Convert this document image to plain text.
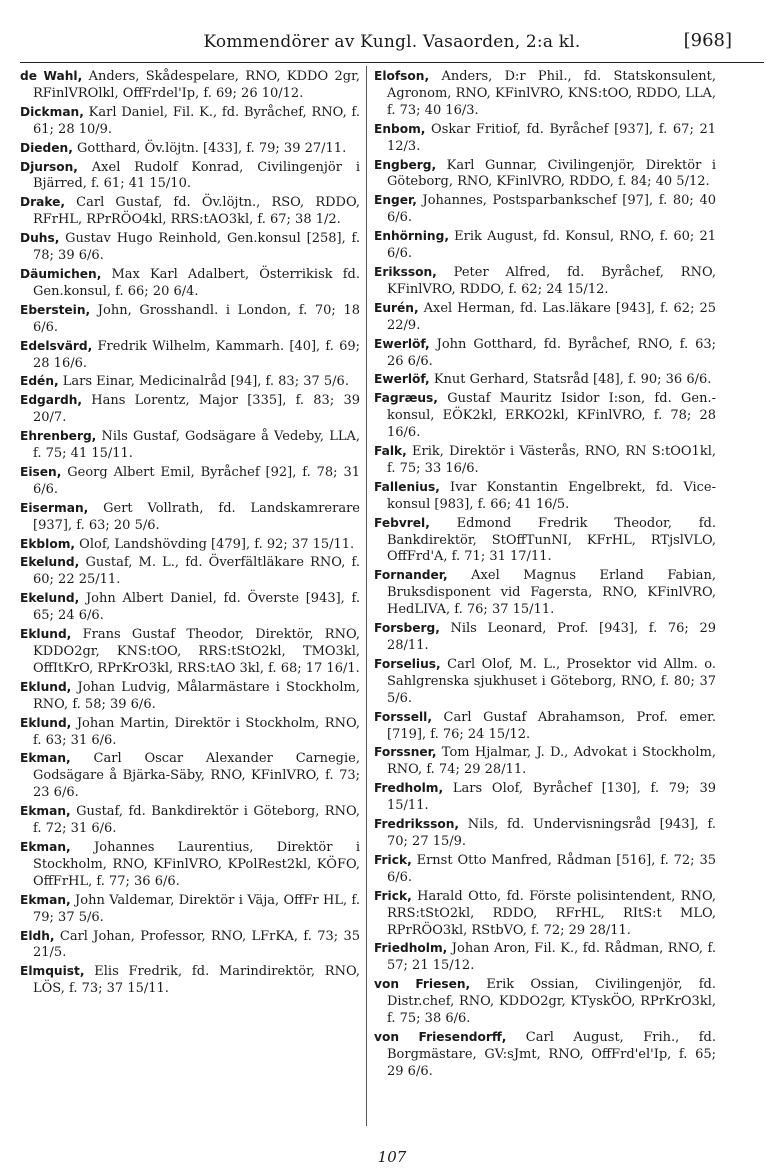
Kommendörer av Kungl. Vasaorden, 2:a kl.	[968]

de Wahl, Anders, Skådespelare, RNO, KDDO 2gr, RFinlVROlkl, OffFrdel'Ip, f. 69; 26 10/12.

Dickman, Karl Daniel, Fil. K., fd. Byråchef, RNO, f. 61; 28 10/9.

Dieden, Gotthard, Öv.löjtn. [433], f. 79; 39 27/11.

Djurson, Axel Rudolf Konrad, Civilingenjör i Bjärred, f. 61; 41 15/10.

Drake, Carl Gustaf, fd. Öv.löjtn., RSO, RDDO, RFrHL, RPrRÖO4kl, RRS:tAO3kl, f. 67; 38 1/2.

Duhs, Gustav Hugo Reinhold, Gen.konsul [258], f. 78; 39 6/6.

Däumichen, Max Karl Adalbert, Österrikisk fd. Gen.konsul, f. 66; 20 6/4.

Eberstein, John, Grosshandl. i London, f. 70; 18 6/6.

Edelsvärd, Fredrik Wilhelm, Kammarh. [40], f. 69; 28 16/6.

Edén, Lars Einar, Medicinalråd [94], f. 83; 37 5/6.

Edgardh, Hans Lorentz, Major [335], f. 83; 39 20/7.

Ehrenberg, Nils Gustaf, Godsägare å Vedeby, LLA, f. 75; 41 15/11.

Eisen, Georg Albert Emil, Byråchef [92], f. 78; 31 6/6.

Eiserman, Gert Vollrath, fd. Landskamrerare [937], f. 63; 20 5/6.

Ekblom, Olof, Landshövding [479], f. 92; 37 15/11.

Ekelund, Gustaf, M. L., fd. Överfältläkare RNO, f. 60; 22 25/11.

Ekelund, John Albert Daniel, fd. Överste [943], f. 65; 24 6/6.

Eklund, Frans Gustaf Theodor, Direktör, RNO, KDDO2gr, KNS:tOO, RRS:tStO2kl, TMO3kl, OffItKrO, RPrKrO3kl, RRS:tAO 3kl, f. 68; 17 16/1.

Eklund, Johan Ludvig, Målarmästare i Stockholm, RNO, f. 58; 39 6/6.

Eklund, Johan Martin, Direktör i Stockholm, RNO, f. 63; 31 6/6.

Ekman, Carl Oscar Alexander Carnegie, Godsägare å Bjärka-Säby, RNO, KFinlVRO, f. 73; 23 6/6.

Ekman, Gustaf, fd. Bankdirektör i Göteborg, RNO, f. 72; 31 6/6.

Ekman, Johannes Laurentius, Direktör i Stockholm, RNO, KFinlVRO, KPolRest2kl, KÖFO, OffFrHL, f. 77; 36 6/6.

Ekman, John Valdemar, Direktör i Väja, OffFr HL, f. 79; 37 5/6.

Eldh, Carl Johan, Professor, RNO, LFrKA, f. 73; 35 21/5.

Elmquist, Elis Fredrik, fd. Marindirektör, RNO, LÖS, f. 73; 37 15/11.

Elofson, Anders, D:r Phil., fd. Statskonsulent, Agronom, RNO, KFinlVRO, KNS:tOO, RDDO, LLA, f. 73; 40 16/3.

Enbom, Oskar Fritiof, fd. Byråchef [937], f. 67; 21 12/3.

Engberg, Karl Gunnar, Civilingenjör, Direktör i Göteborg, RNO, KFinlVRO, RDDO, f. 84; 40 5/12.

Enger, Johannes, Postsparbankschef [97], f. 80; 40 6/6.

Enhörning, Erik August, fd. Konsul, RNO, f. 60; 21 6/6.

Eriksson, Peter Alfred, fd. Byråchef, RNO, KFinlVRO, RDDO, f. 62; 24 15/12.

Eurén, Axel Herman, fd. Las.läkare [943], f. 62; 25 22/9.

Ewerlöf, John Gotthard, fd. Byråchef, RNO, f. 63; 26 6/6.

Ewerlöf, Knut Gerhard, Statsråd [48], f. 90; 36 6/6.

Fagræus, Gustaf Mauritz Isidor I:son, fd. Gen.-konsul, EÖK2kl, ERKO2kl, KFinlVRO, f. 78; 28 16/6.

Falk, Erik, Direktör i Västerås, RNO, RN S:tOO1kl, f. 75; 33 16/6.

Fallenius, Ivar Konstantin Engelbrekt, fd. Vice-konsul [983], f. 66; 41 16/5.

Febvrel, Edmond Fredrik Theodor, fd. Bankdirektör, StOffTunNI, KFrHL, RTjslVLO, OffFrd'A, f. 71; 31 17/11.

Fornander, Axel Magnus Erland Fabian, Bruksdisponent vid Fagersta, RNO, KFinlVRO, HedLIVA, f. 76; 37 15/11.

Forsberg, Nils Leonard, Prof. [943], f. 76; 29 28/11.

Forselius, Carl Olof, M. L., Prosektor vid Allm. o. Sahlgrenska sjukhuset i Göteborg, RNO, f. 80; 37 5/6.

Forssell, Carl Gustaf Abrahamson, Prof. emer. [719], f. 76; 24 15/12.

Forssner, Tom Hjalmar, J. D., Advokat i Stockholm, RNO, f. 74; 29 28/11.

Fredholm, Lars Olof, Byråchef [130], f. 79; 39 15/11.

Fredriksson, Nils, fd. Undervisningsråd [943], f. 70; 27 15/9.

Frick, Ernst Otto Manfred, Rådman [516], f. 72; 35 6/6.

Frick, Harald Otto, fd. Förste polisintendent, RNO, RRS:tStO2kl, RDDO, RFrHL, RItS:t MLO, RPrRÖO3kl, RStbVO, f. 72; 29 28/11.

Friedholm, Johan Aron, Fil. K., fd. Rådman, RNO, f. 57; 21 15/12.

von Friesen, Erik Ossian, Civilingenjör, fd. Distr.chef, RNO, KDDO2gr, KTyskÖO, RPrKrO3kl, f. 75; 38 6/6.

von Friesendorff, Carl August, Frih., fd. Borgmästare, GV:sJmt, RNO, OffFrd'el'Ip, f. 65; 29 6/6.

107
